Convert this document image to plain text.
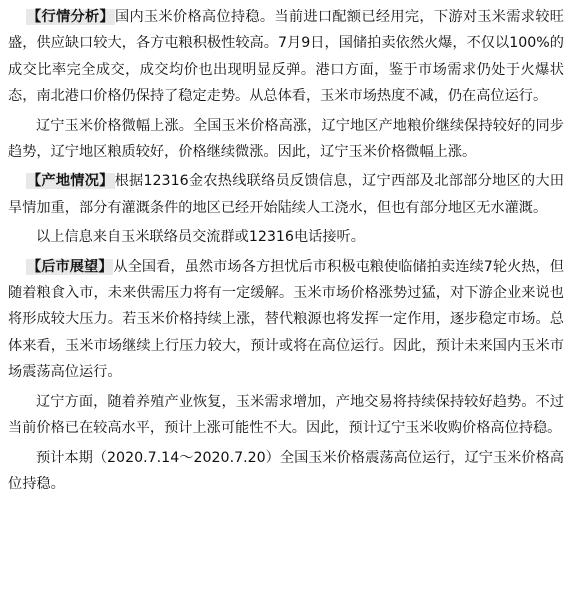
【行情分析】国内玉米价格高位持稳。当前进口配额已经用完，下游对玉米需求较旺盛，供应缺口较大，各方屯粮积极性较高。7月9日，国储拍卖依然火爆，不仅以100%的成交比率完全成交，成交均价也出现明显反弹。港口方面，鉴于市场需求仍处于火爆状态，南北港口价格仍保持了稳定走势。从总体看，玉米市场热度不减，仍在高位运行。

辽宁玉米价格微幅上涨。全国玉米价格高涨，辽宁地区产地粮价继续保持较好的同步趋势，辽宁地区粮质较好，价格继续微涨。因此，辽宁玉米价格微幅上涨。

【产地情况】根据12316金农热线联络员反馈信息，辽宁西部及北部部分地区的大田旱情加重，部分有灌溉条件的地区已经开始陆续人工浇水，但也有部分地区无水灌溉。

以上信息来自玉米联络员交流群或12316电话接听。

【后市展望】从全国看，虽然市场各方担忧后市积极屯粮使临储拍卖连续7轮火热，但随着粮食入市，未来供需压力将有一定缓解。玉米市场价格涨势过猛，对下游企业来说也将形成较大压力。若玉米价格持续上涨，替代粮源也将发挥一定作用，逐步稳定市场。总体来看，玉米市场继续上行压力较大，预计或将在高位运行。因此，预计未来国内玉米市场震荡高位运行。

辽宁方面，随着养殖产业恢复，玉米需求增加，产地交易将持续保持较好趋势。不过当前价格已在较高水平，预计上涨可能性不大。因此，预计辽宁玉米收购价格高位持稳。

预计本期（2020.7.14～2020.7.20）全国玉米价格震荡高位运行，辽宁玉米价格高位持稳。
